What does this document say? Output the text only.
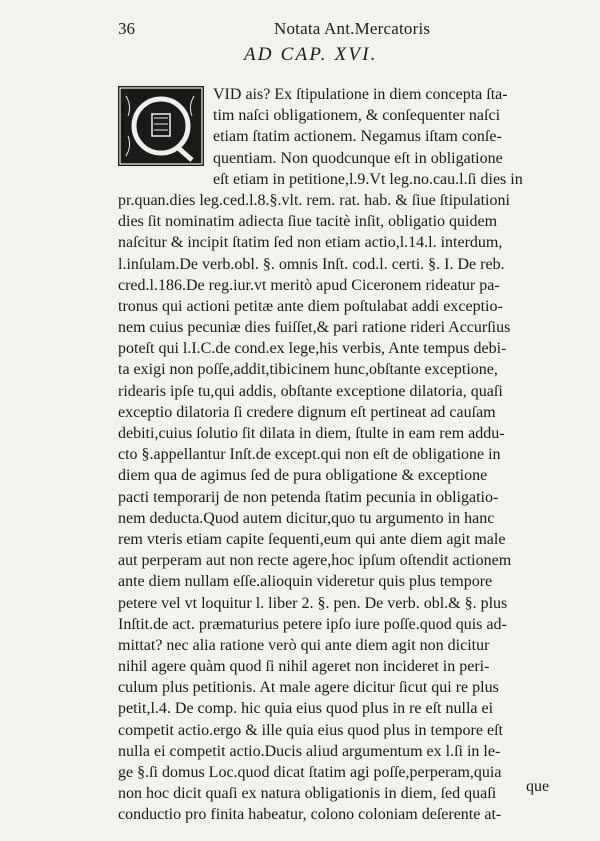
36	Notata Ant.Mercatoris
AD CAP. XVI.
VID ais? Ex ſtipulatione in diem concepta ſta-
tim naſci obligationem, & conſequenter naſci
etiam ſtatim actionem. Negamus iſtam conſe-
quentiam. Non quodcunque eſt in obligatione
eſt etiam in petitione,l.9.Vt leg.no.cau.l.ſi dies in
pr.quan.dies leg.ced.l.8.§.vlt. rem. rat. hab. & ſiue ſtipulationi
dies ſit nominatim adiecta ſiue tacitè inſit, obligatio quidem
naſcitur & incipit ſtatim ſed non etiam actio,l.14.l. interdum,
l.inſulam.De verb.obl. §. omnis Inſt. cod.l. certi. §. I. De reb.
cred.l.186.De reg.iur.vt meritò apud Ciceronem rideatur pa-
tronus qui actioni petitæ ante diem poſtulabat addi exceptio-
nem cuius pecuniæ dies fuiſſet,& pari ratione rideri Accurſius
poteſt qui l.I.C.de cond.ex lege,his verbis, Ante tempus debi-
ta exigi non poſſe,addit,tibicinem hunc,obſtante exceptione,
ridearis ipſe tu,qui addis, obſtante exceptione dilatoria, quaſi
exceptio dilatoria ſi credere dignum eſt pertineat ad cauſam
debiti,cuius ſolutio ſit dilata in diem, ſtulte in eam rem addu-
cto §.appellantur Inſt.de except.qui non eſt de obligatione in
diem qua de agimus ſed de pura obligatione & exceptione
pacti temporarij de non petenda ſtatim pecunia in obligatio-
nem deducta.Quod autem dicitur,quo tu argumento in hanc
rem vteris etiam capite ſequenti,eum qui ante diem agit male
aut perperam aut non recte agere,hoc ipſum oſtendit actionem
ante diem nullam eſſe.alioquin videretur quis plus tempore
petere vel vt loquitur l. liber 2. §. pen. De verb. obl.& §. plus
Inſtit.de act. præmaturius petere ipſo iure poſſe.quod quis ad-
mittat? nec alia ratione verò qui ante diem agit non dicitur
nihil agere quàm quod ſi nihil ageret non incideret in peri-
culum plus petitionis. At male agere dicitur ſicut qui re plus
petit,l.4. De comp. hic quia eius quod plus in re eſt nulla ei
competit actio.ergo & ille quia eius quod plus in tempore eſt
nulla ei competit actio.Ducis aliud argumentum ex l.ſi in le-
ge §.ſi domus Loc.quod dicat ſtatim agi poſſe,perperam,quia
non hoc dicit quaſi ex natura obligationis in diem, ſed quaſi
conductio pro finita habeatur, colono coloniam deſerente at-
que
